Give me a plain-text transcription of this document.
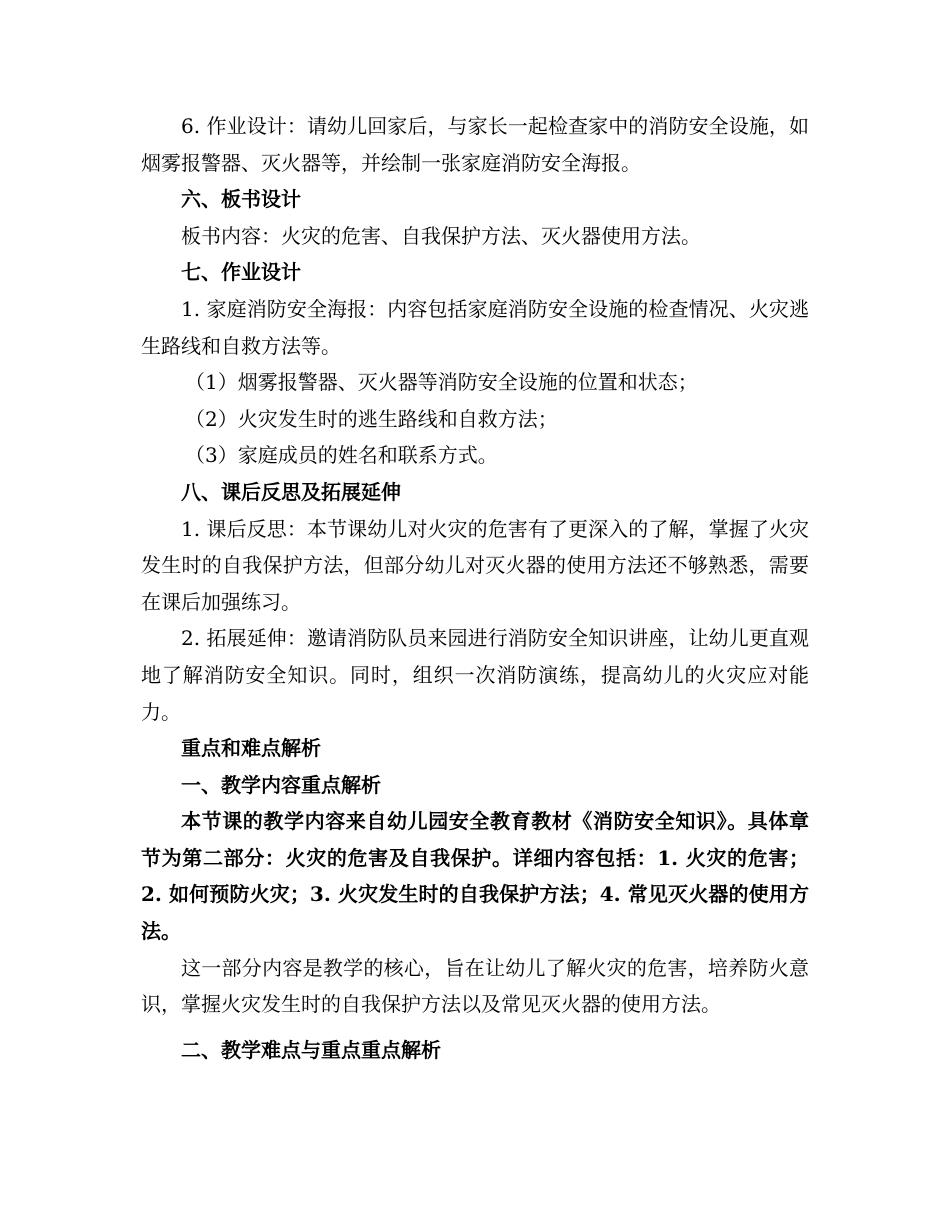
6. 作业设计：请幼儿回家后，与家长一起检查家中的消防安全设施，如烟雾报警器、灭火器等，并绘制一张家庭消防安全海报。

六、板书设计

板书内容：火灾的危害、自我保护方法、灭火器使用方法。

七、作业设计

1. 家庭消防安全海报：内容包括家庭消防安全设施的检查情况、火灾逃生路线和自救方法等。

（1）烟雾报警器、灭火器等消防安全设施的位置和状态；

（2）火灾发生时的逃生路线和自救方法；

（3）家庭成员的姓名和联系方式。

八、课后反思及拓展延伸

1. 课后反思：本节课幼儿对火灾的危害有了更深入的了解，掌握了火灾发生时的自我保护方法，但部分幼儿对灭火器的使用方法还不够熟悉，需要在课后加强练习。

2. 拓展延伸：邀请消防队员来园进行消防安全知识讲座，让幼儿更直观地了解消防安全知识。同时，组织一次消防演练，提高幼儿的火灾应对能力。

重点和难点解析

一、教学内容重点解析

本节课的教学内容来自幼儿园安全教育教材《消防安全知识》。具体章节为第二部分：火灾的危害及自我保护。详细内容包括：1. 火灾的危害；2. 如何预防火灾；3. 火灾发生时的自我保护方法；4. 常见灭火器的使用方法。

这一部分内容是教学的核心，旨在让幼儿了解火灾的危害，培养防火意识，掌握火灾发生时的自我保护方法以及常见灭火器的使用方法。

二、教学难点与重点重点解析
